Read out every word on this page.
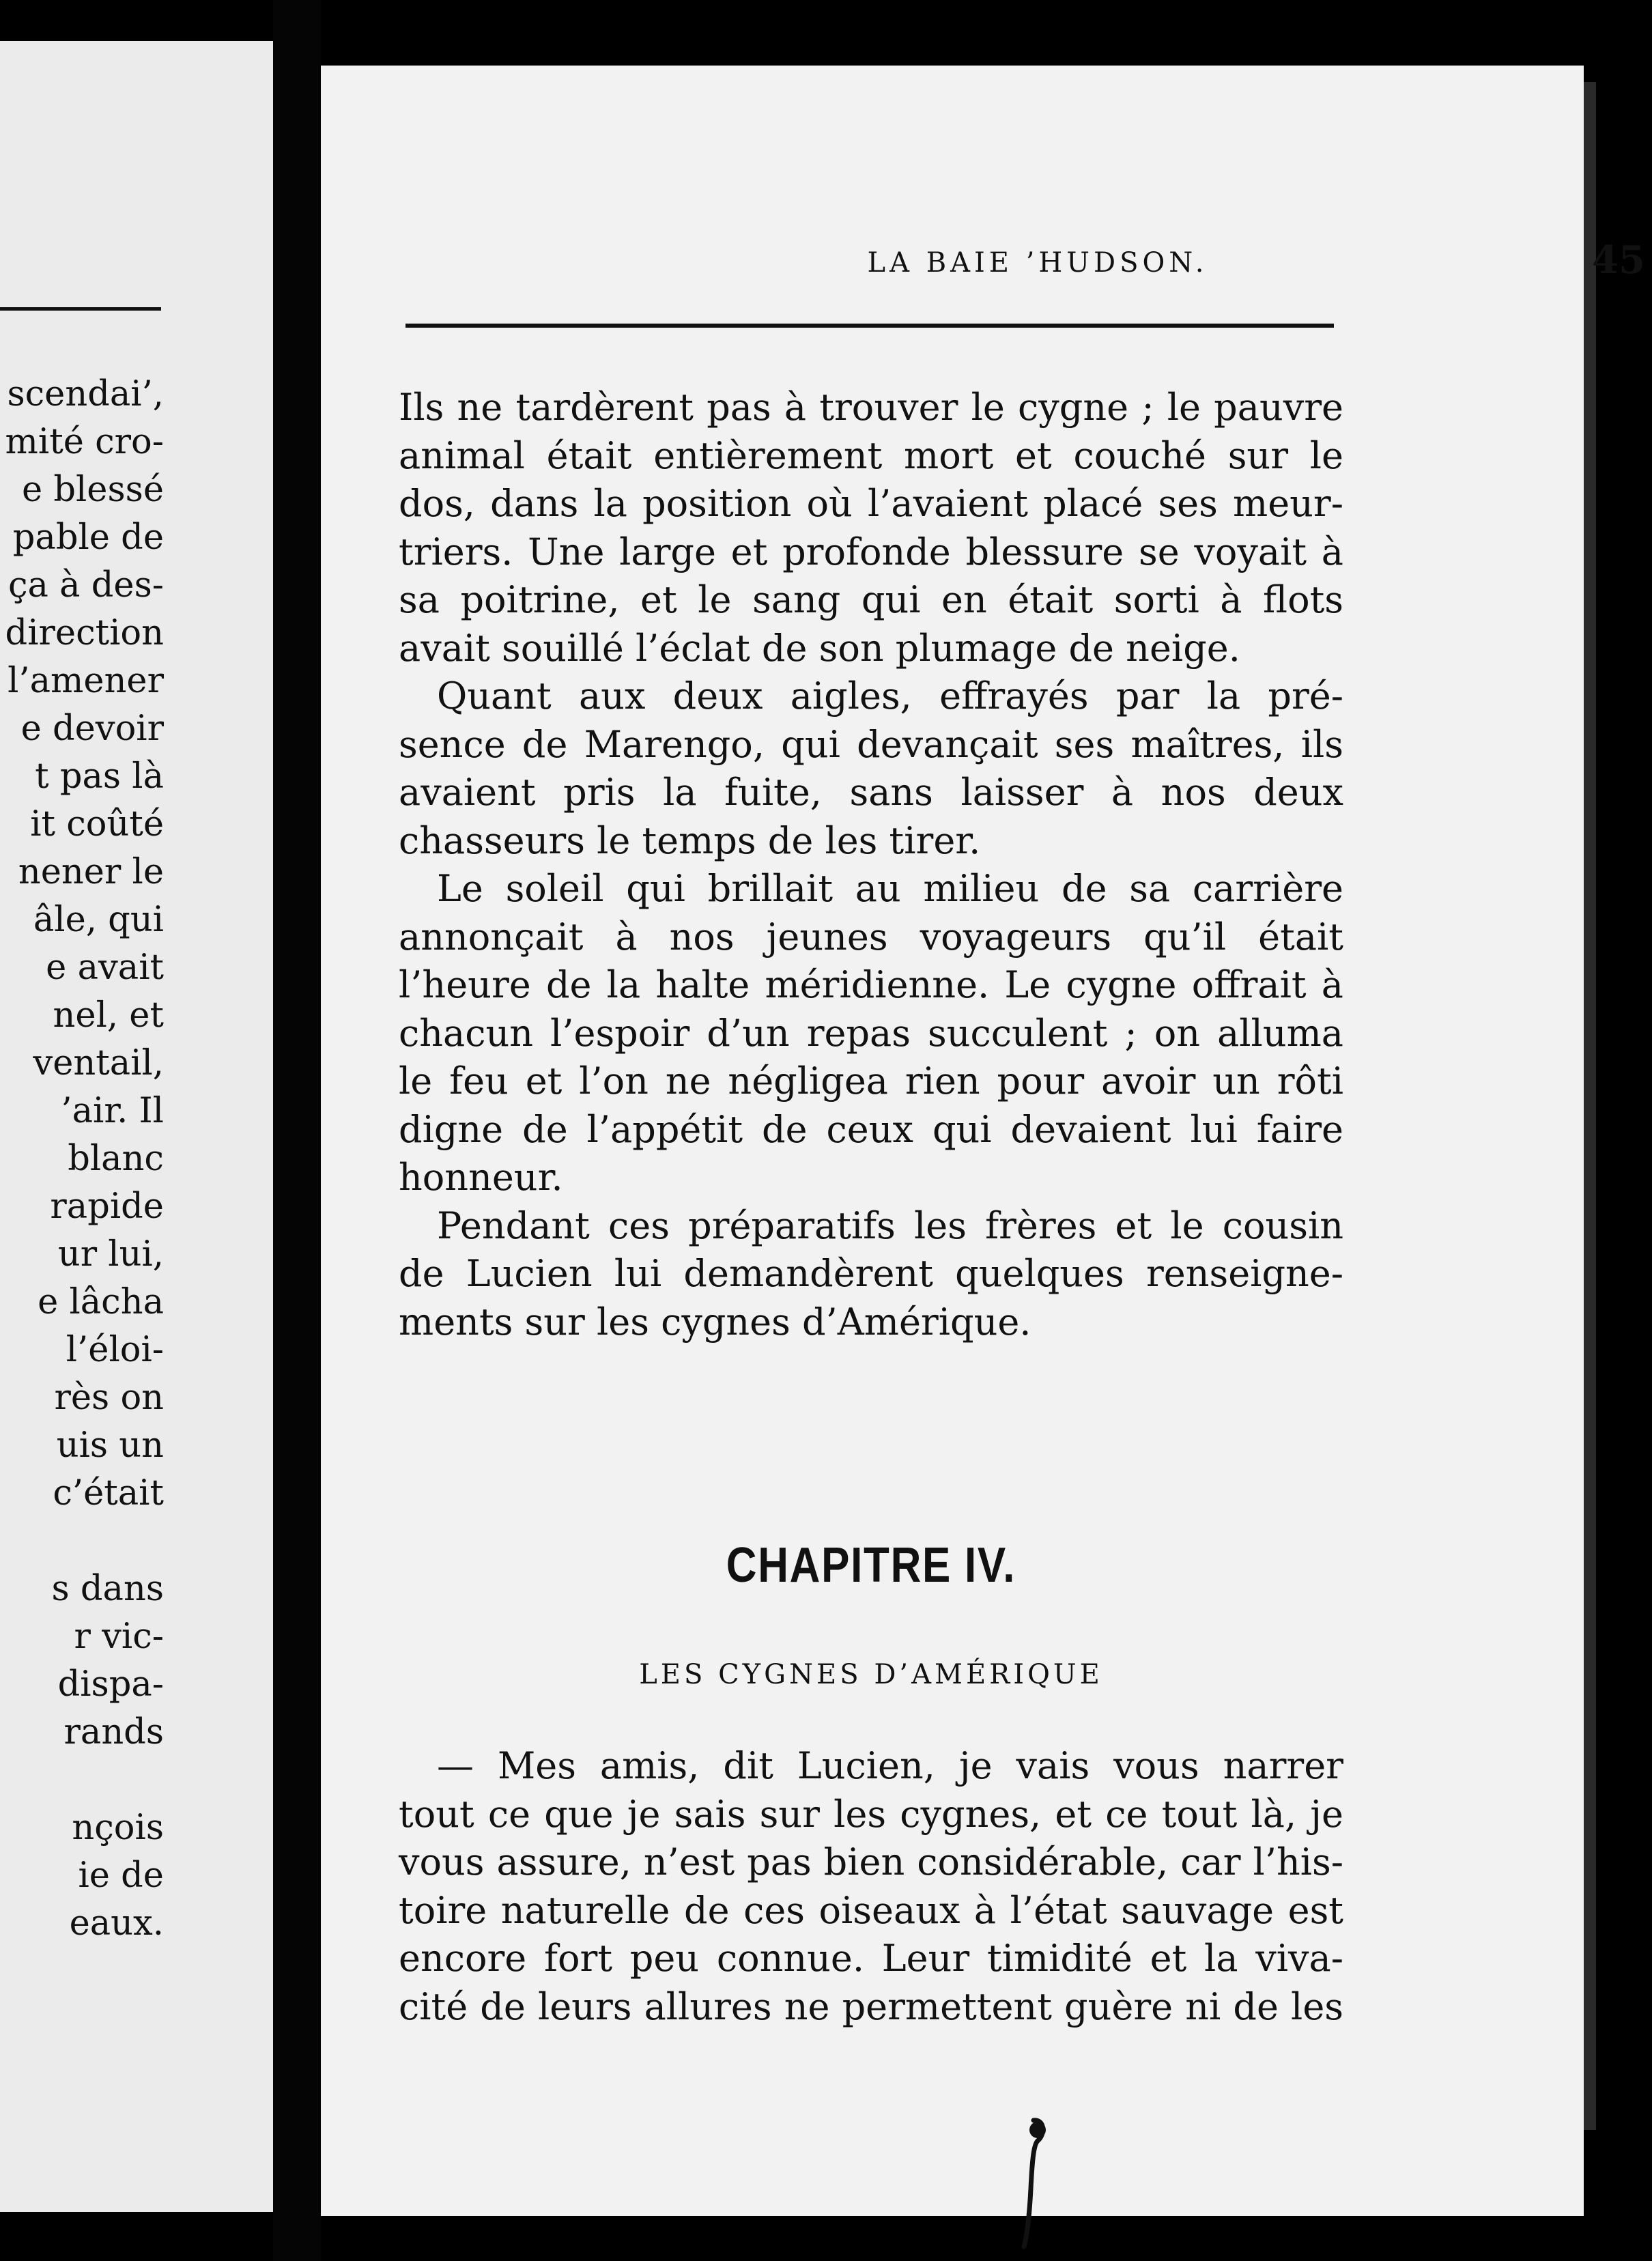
scendai’,
mité cro-
e blessé
pable de
ça à des-
direction
l’amener
e devoir
t pas là
it coûté
nener le
âle, qui
e avait
nel, et
ventail,
’air. Il
blanc
rapide
ur lui,
e lâcha
l’éloi-
rès on
uis un
c’était
s dans
r vic-
dispa-
rands
nçois
ie de
eaux.
LA BAIE ’HUDSON.	45
Ils ne tardèrent pas à trouver le cygne ; le pauvre
animal était entièrement mort et couché sur le
dos, dans la position où l’avaient placé ses meur-
triers. Une large et profonde blessure se voyait à
sa poitrine, et le sang qui en était sorti à flots
avait souillé l’éclat de son plumage de neige.
Quant aux deux aigles, effrayés par la pré-
sence de Marengo, qui devançait ses maîtres, ils
avaient pris la fuite, sans laisser à nos deux
chasseurs le temps de les tirer.
Le soleil qui brillait au milieu de sa carrière
annonçait à nos jeunes voyageurs qu’il était
l’heure de la halte méridienne. Le cygne offrait à
chacun l’espoir d’un repas succulent ; on alluma
le feu et l’on ne négligea rien pour avoir un rôti
digne de l’appétit de ceux qui devaient lui faire
honneur.
Pendant ces préparatifs les frères et le cousin
de Lucien lui demandèrent quelques renseigne-
ments sur les cygnes d’Amérique.
CHAPITRE IV.
LES CYGNES D’AMÉRIQUE
— Mes amis, dit Lucien, je vais vous narrer
tout ce que je sais sur les cygnes, et ce tout là, je
vous assure, n’est pas bien considérable, car l’his-
toire naturelle de ces oiseaux à l’état sauvage est
encore fort peu connue. Leur timidité et la viva-
cité de leurs allures ne permettent guère ni de les
